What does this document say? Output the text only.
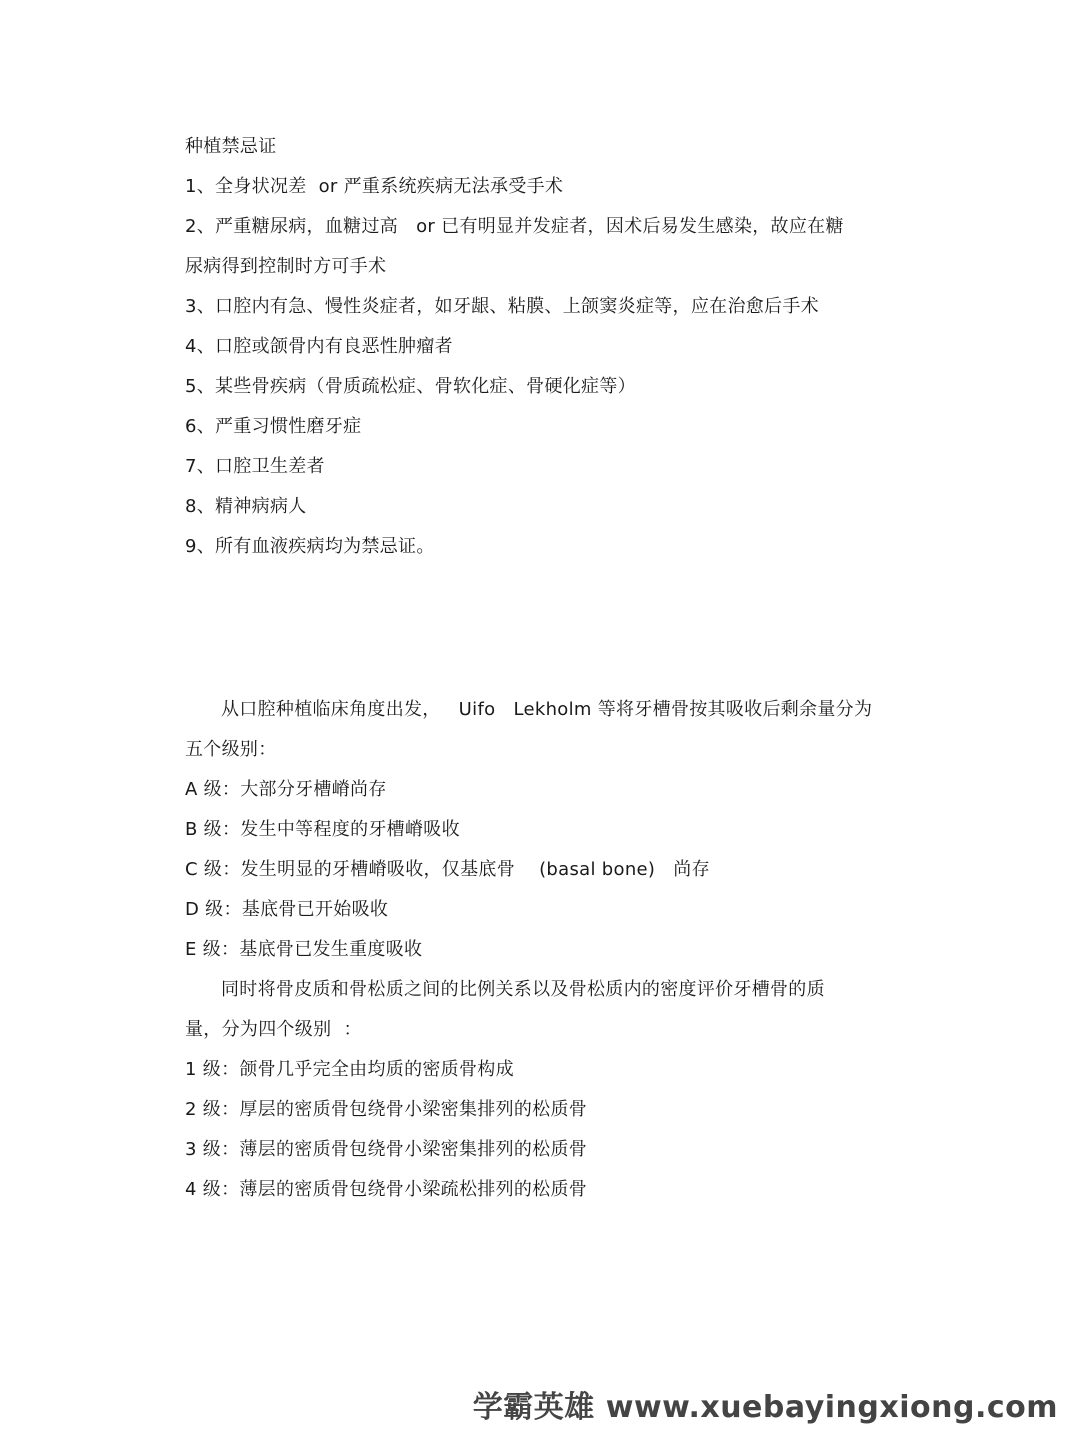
种植禁忌证
1、全身状况差  or 严重系统疾病无法承受手术
2、严重糖尿病，血糖过高   or 已有明显并发症者，因术后易发生感染，故应在糖
尿病得到控制时方可手术
3、口腔内有急、慢性炎症者，如牙龈、粘膜、上颌窦炎症等，应在治愈后手术
4、口腔或颌骨内有良恶性肿瘤者
5、某些骨疾病（骨质疏松症、骨软化症、骨硬化症等）
6、严重习惯性磨牙症
7、口腔卫生差者
8、精神病病人
9、所有血液疾病均为禁忌证。
从口腔种植临床角度出发，   Uifo   Lekholm 等将牙槽骨按其吸收后剩余量分为
五个级别：
A 级：大部分牙槽嵴尚存
B 级：发生中等程度的牙槽嵴吸收
C 级：发生明显的牙槽嵴吸收，仅基底骨    (basal bone)   尚存
D 级：基底骨已开始吸收
E 级：基底骨已发生重度吸收
同时将骨皮质和骨松质之间的比例关系以及骨松质内的密度评价牙槽骨的质
量，分为四个级别  ：
1 级：颌骨几乎完全由均质的密质骨构成
2 级：厚层的密质骨包绕骨小梁密集排列的松质骨
3 级：薄层的密质骨包绕骨小梁密集排列的松质骨
4 级：薄层的密质骨包绕骨小梁疏松排列的松质骨
学霸英雄 www.xuebayingxiong.com
